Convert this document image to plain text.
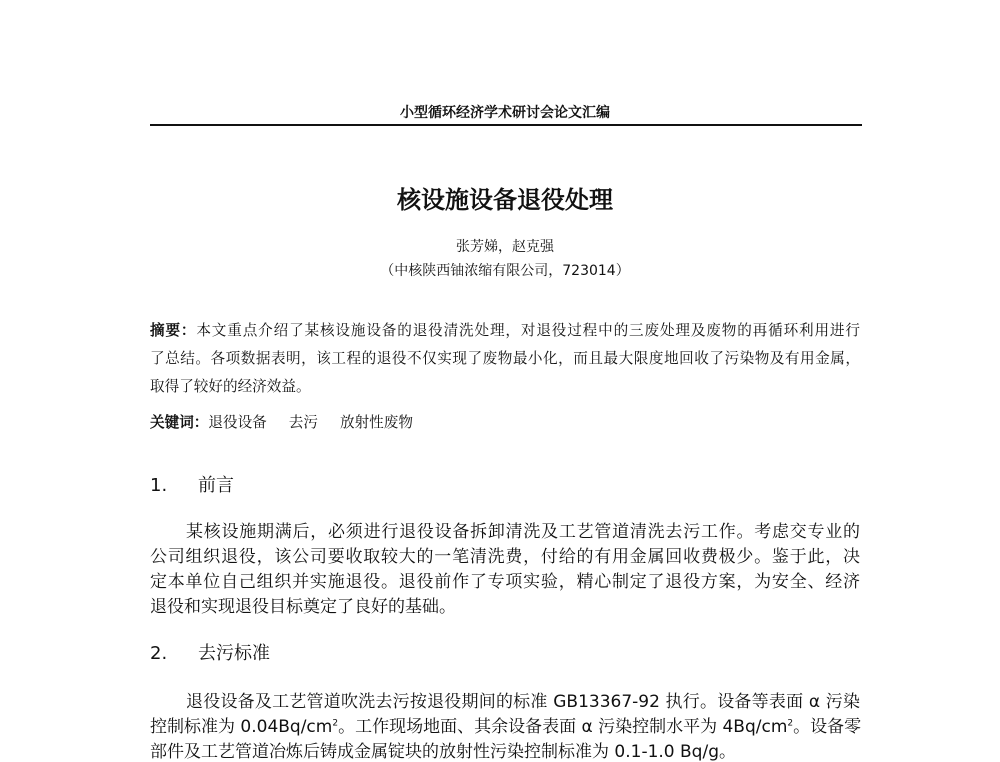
小型循环经济学术研讨会论文汇编
核设施设备退役处理
张芳娣，赵克强
（中核陕西铀浓缩有限公司，723014）
摘要：本文重点介绍了某核设施设备的退役清洗处理，对退役过程中的三废处理及废物的再循环利用进行
了总结。各项数据表明，该工程的退役不仅实现了废物最小化，而且最大限度地回收了污染物及有用金属，
取得了较好的经济效益。
关键词：退役设备 去污 放射性废物
1. 前言
某核设施期满后，必须进行退役设备拆卸清洗及工艺管道清洗去污工作。考虑交专业的
公司组织退役，该公司要收取较大的一笔清洗费，付给的有用金属回收费极少。鉴于此，决
定本单位自己组织并实施退役。退役前作了专项实验，精心制定了退役方案，为安全、经济
退役和实现退役目标奠定了良好的基础。
2. 去污标准
退役设备及工艺管道吹洗去污按退役期间的标准 GB13367-92 执行。设备等表面 α 污染
控制标准为 $0.04Bq/cm^2$。工作现场地面、其余设备表面 α 污染控制水平为 $4Bq/cm^2$。设备零
部件及工艺管道冶炼后铸成金属锭块的放射性污染控制标准为 0.1-1.0 Bq/g。
